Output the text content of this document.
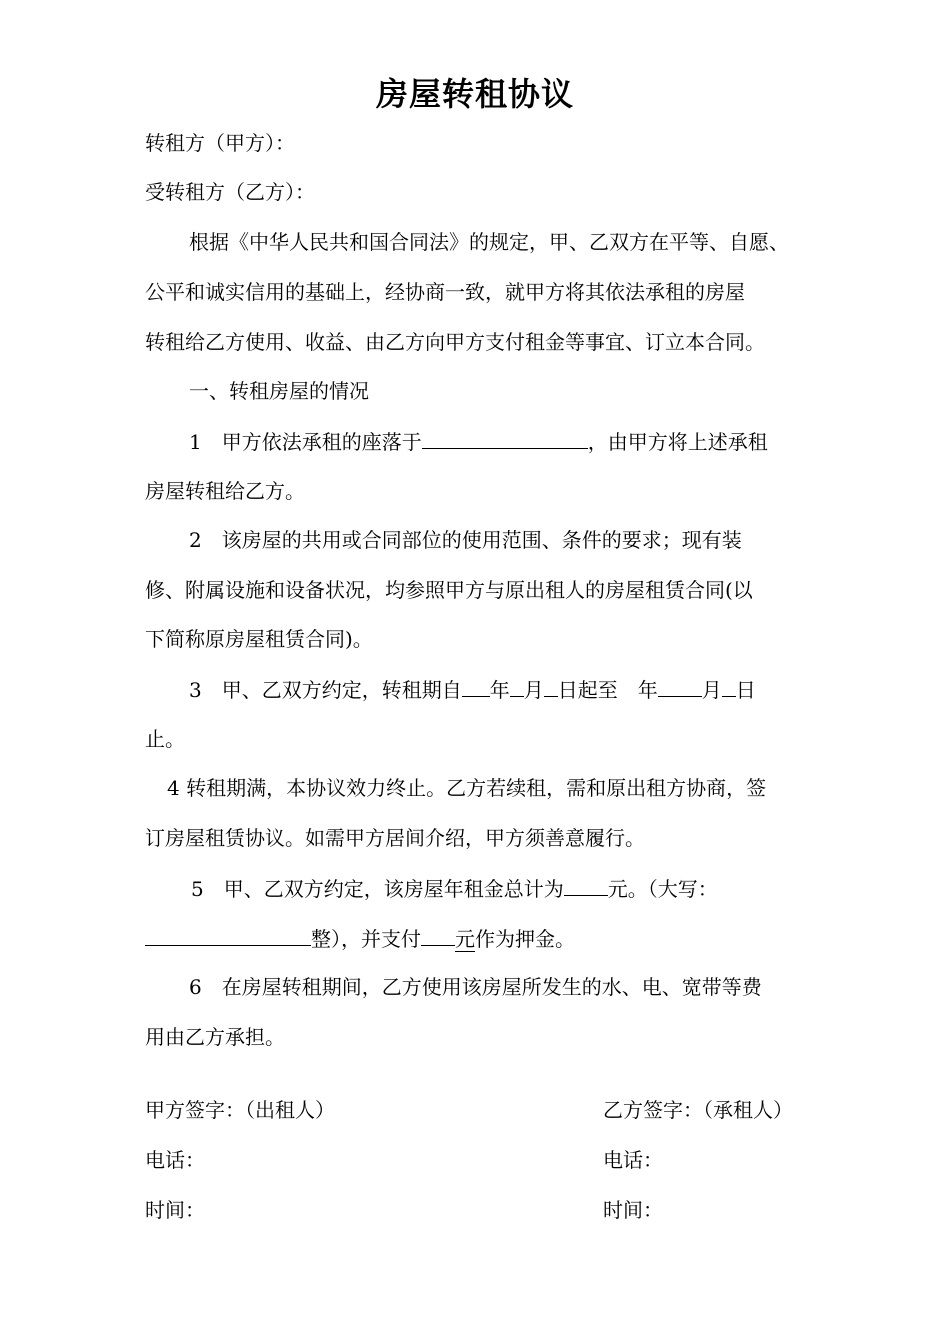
房屋转租协议
转租方（甲方）：
受转租方（乙方）：
根据《中华人民共和国合同法》的规定，甲、乙双方在平等、自愿、
公平和诚实信用的基础上，经协商一致，就甲方将其依法承租的房屋
转租给乙方使用、收益、由乙方向甲方支付租金等事宜、订立本合同。
一、转租房屋的情况
1　甲方依法承租的座落于	，由甲方将上述承租
房屋转租给乙方。
2　该房屋的共用或合同部位的使用范围、条件的要求；现有装
修、附属设施和设备状况，均参照甲方与原出租人的房屋租赁合同(以
下简称原房屋租赁合同)。
3　甲、乙双方约定，转租期自 年 月 日起至　年 月 日
止。
4 转租期满，本协议效力终止。乙方若续租，需和原出租方协商，签
订房屋租赁协议。如需甲方居间介绍，甲方须善意履行。
5　甲、乙双方约定，该房屋年租金总计为 元。（大写：
整），并支付 元作为押金。
6　在房屋转租期间，乙方使用该房屋所发生的水、电、宽带等费
用由乙方承担。
甲方签字：（出租人）
电话：
时间：
乙方签字：（承租人）
电话：
时间：
